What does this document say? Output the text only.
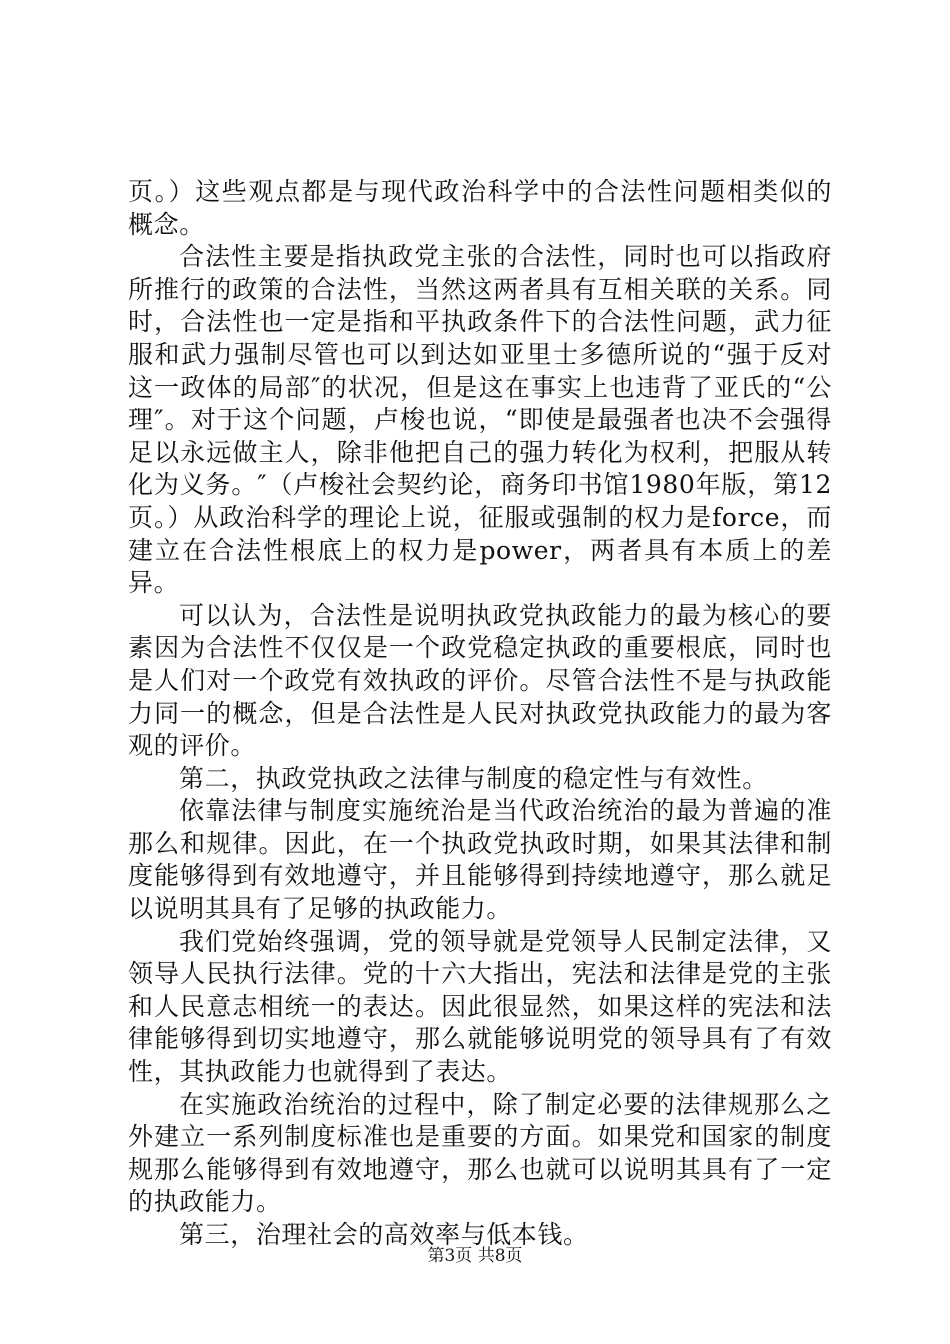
页。）这些观点都是与现代政治科学中的合法性问题相类似的概念。

合法性主要是指执政党主张的合法性，同时也可以指政府所推行的政策的合法性，当然这两者具有互相关联的关系。同时，合法性也一定是指和平执政条件下的合法性问题，武力征服和武力强制尽管也可以到达如亚里士多德所说的“强于反对这一政体的局部″的状况，但是这在事实上也违背了亚氏的“公理″。对于这个问题，卢梭也说，“即使是最强者也决不会强得足以永远做主人，除非他把自己的强力转化为权利，把服从转化为义务。″（卢梭社会契约论，商务印书馆1980年版，第12页。）从政治科学的理论上说，征服或强制的权力是force，而建立在合法性根底上的权力是power，两者具有本质上的差异。

可以认为，合法性是说明执政党执政能力的最为核心的要素因为合法性不仅仅是一个政党稳定执政的重要根底，同时也是人们对一个政党有效执政的评价。尽管合法性不是与执政能力同一的概念，但是合法性是人民对执政党执政能力的最为客观的评价。

第二，执政党执政之法律与制度的稳定性与有效性。

依靠法律与制度实施统治是当代政治统治的最为普遍的准那么和规律。因此，在一个执政党执政时期，如果其法律和制度能够得到有效地遵守，并且能够得到持续地遵守，那么就足以说明其具有了足够的执政能力。

我们党始终强调，党的领导就是党领导人民制定法律，又领导人民执行法律。党的十六大指出，宪法和法律是党的主张和人民意志相统一的表达。因此很显然，如果这样的宪法和法律能够得到切实地遵守，那么就能够说明党的领导具有了有效性，其执政能力也就得到了表达。

在实施政治统治的过程中，除了制定必要的法律规那么之外建立一系列制度标准也是重要的方面。如果党和国家的制度规那么能够得到有效地遵守，那么也就可以说明其具有了一定的执政能力。

第三，治理社会的高效率与低本钱。

第3页 共8页
